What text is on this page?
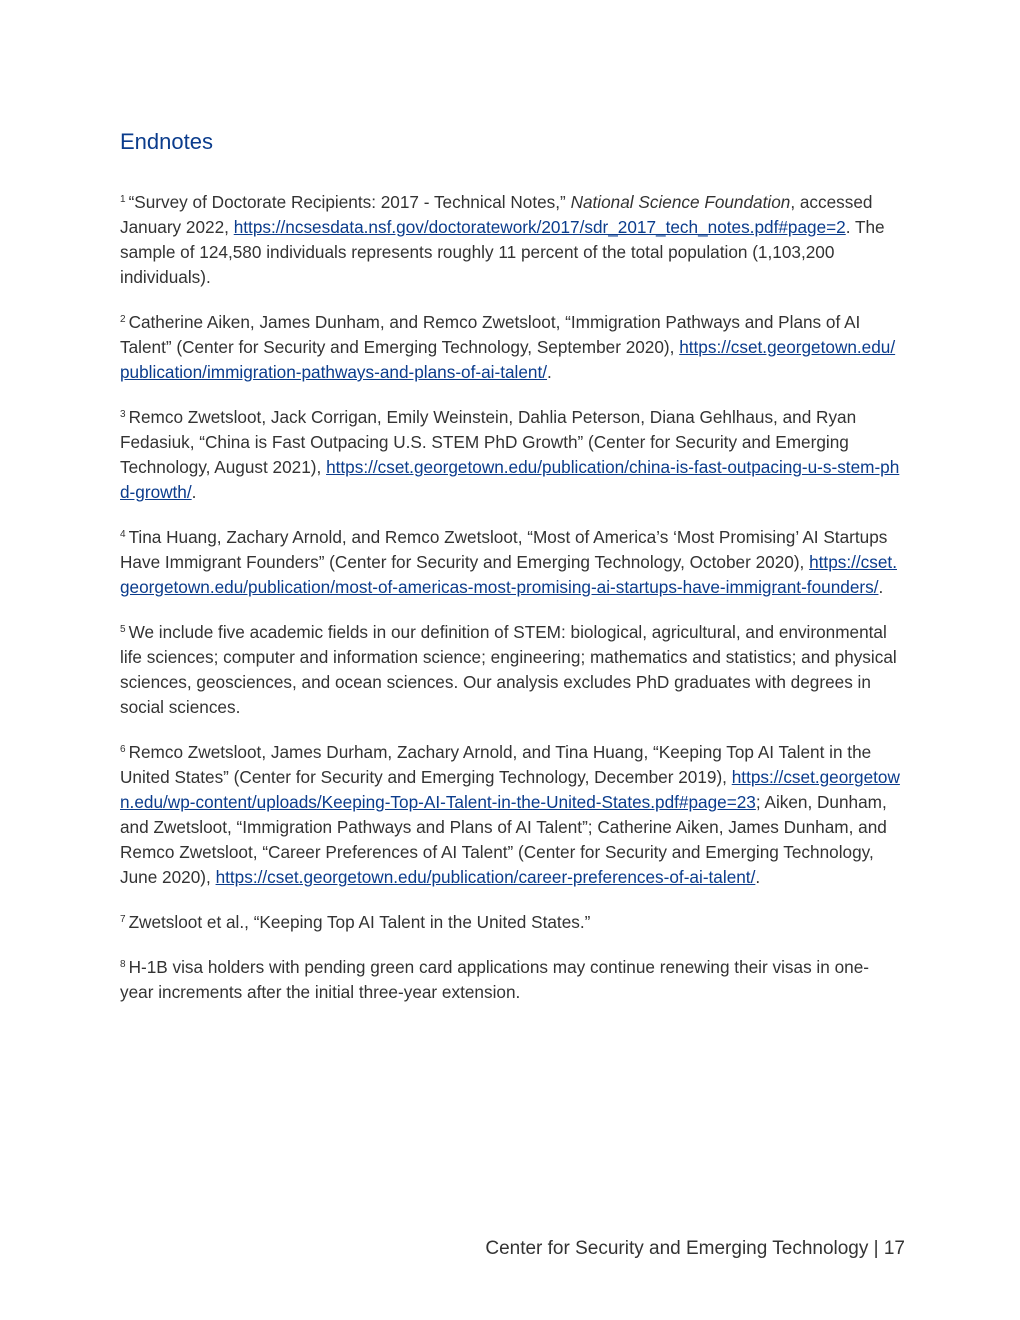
Endnotes

$^1$ “Survey of Doctorate Recipients: 2017 - Technical Notes,” National Science Foundation, accessed January 2022, https://ncsesdata.nsf.gov/doctoratework/2017/sdr_2017_tech_notes.pdf#page=2. The sample of 124,580 individuals represents roughly 11 percent of the total population (1,103,200 individuals).

$^2$ Catherine Aiken, James Dunham, and Remco Zwetsloot, “Immigration Pathways and Plans of AI Talent” (Center for Security and Emerging Technology, September 2020), https://cset.georgetown.edu/publication/immigration-pathways-and-plans-of-ai-talent/.

$^3$ Remco Zwetsloot, Jack Corrigan, Emily Weinstein, Dahlia Peterson, Diana Gehlhaus, and Ryan Fedasiuk, “China is Fast Outpacing U.S. STEM PhD Growth” (Center for Security and Emerging Technology, August 2021), https://cset.georgetown.edu/publication/china-is-fast-outpacing-u-s-stem-phd-growth/.

$^4$ Tina Huang, Zachary Arnold, and Remco Zwetsloot, “Most of America’s ‘Most Promising’ AI Startups Have Immigrant Founders” (Center for Security and Emerging Technology, October 2020), https://cset.georgetown.edu/publication/most-of-americas-most-promising-ai-startups-have-immigrant-founders/.

$^5$ We include five academic fields in our definition of STEM: biological, agricultural, and environmental life sciences; computer and information science; engineering; mathematics and statistics; and physical sciences, geosciences, and ocean sciences. Our analysis excludes PhD graduates with degrees in social sciences.

$^6$ Remco Zwetsloot, James Durham, Zachary Arnold, and Tina Huang, “Keeping Top AI Talent in the United States” (Center for Security and Emerging Technology, December 2019), https://cset.georgetown.edu/wp-content/uploads/Keeping-Top-AI-Talent-in-the-United-States.pdf#page=23; Aiken, Dunham, and Zwetsloot, “Immigration Pathways and Plans of AI Talent”; Catherine Aiken, James Dunham, and Remco Zwetsloot, “Career Preferences of AI Talent” (Center for Security and Emerging Technology, June 2020), https://cset.georgetown.edu/publication/career-preferences-of-ai-talent/.

$^7$ Zwetsloot et al., “Keeping Top AI Talent in the United States.”

$^8$ H-1B visa holders with pending green card applications may continue renewing their visas in one-year increments after the initial three-year extension.

Center for Security and Emerging Technology | 17
